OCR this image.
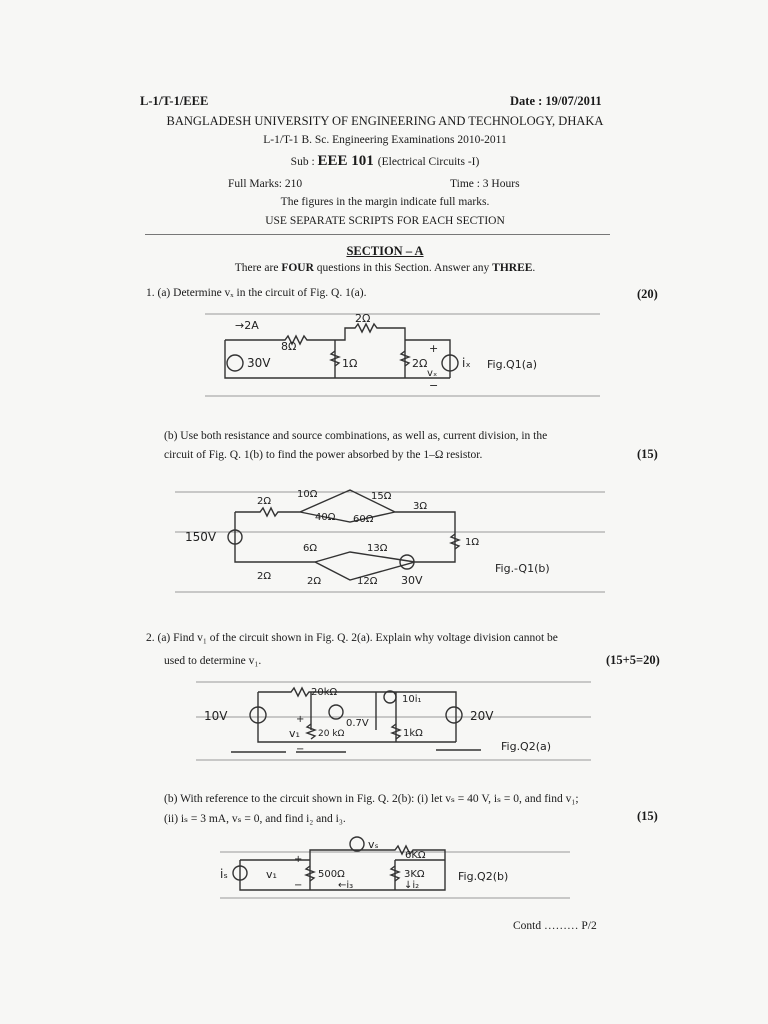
L-1/T-1/EEE	Date : 19/07/2011
BANGLADESH UNIVERSITY OF ENGINEERING AND TECHNOLOGY, DHAKA
L-1/T-1 B. Sc. Engineering Examinations 2010-2011
Sub : EEE 101 (Electrical Circuits -I)
Full Marks: 210	Time : 3 Hours
The figures in the margin indicate full marks.
USE SEPARATE SCRIPTS FOR EACH SECTION
SECTION – A
There are FOUR questions in this Section. Answer any THREE.
1. (a) Determine vₓ in the circuit of Fig. Q. 1(a).	(20)
→2A
8Ω
2Ω
1Ω	2Ω
30V	iₓ
vₓ
+
−
Fig.Q1(a)
(b) Use both resistance and source combinations, as well as, current division, in the
circuit of Fig. Q. 1(b) to find the power absorbed by the 1–Ω resistor.	(15)
2Ω
10Ω	15Ω
40Ω 60Ω
3Ω
150V
6Ω	13Ω
1Ω
2Ω	2Ω	12Ω 30V
Fig.-Q1(b)
2. (a) Find v₁ of the circuit shown in Fig. Q. 2(a). Explain why voltage division cannot be
used to determine v₁.	(15+5=20)
20kΩ
10i₁
10V
v₁
+
−
0.7V
20 kΩ	1kΩ
20V
Fig.Q2(a)
(b) With reference to the circuit shown in Fig. Q. 2(b): (i) let vₛ = 40 V, iₛ = 0, and find v₁;
(ii) iₛ = 3 mA, vₛ = 0, and find i₂ and i₃.	(15)
vₛ
6KΩ
iₛ	v₁
+
−
500Ω	3KΩ
←i₃	↓i₂
Fig.Q2(b)
Contd ……… P/2
